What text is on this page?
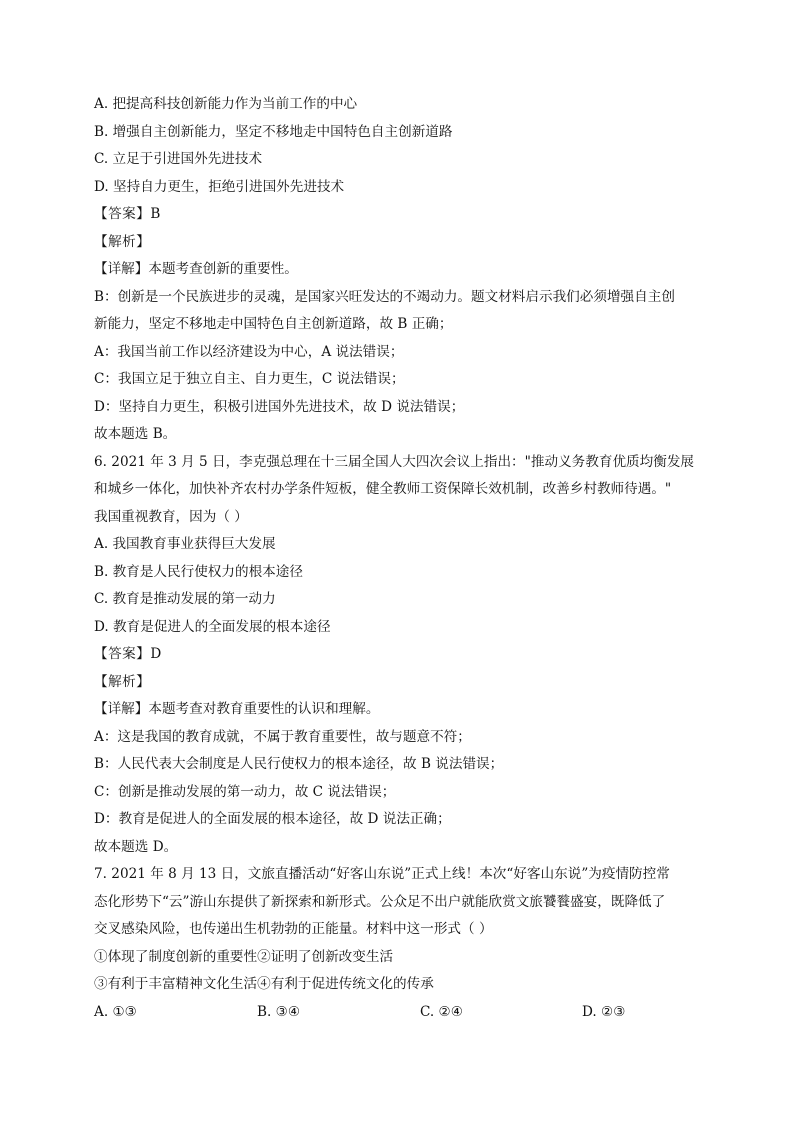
A. 把提高科技创新能力作为当前工作的中心
B. 增强自主创新能力，坚定不移地走中国特色自主创新道路
C. 立足于引进国外先进技术
D. 坚持自力更生，拒绝引进国外先进技术
【答案】B
【解析】
【详解】本题考查创新的重要性。
B：创新是一个民族进步的灵魂，是国家兴旺发达的不竭动力。题文材料启示我们必须增强自主创
新能力，坚定不移地走中国特色自主创新道路，故 B 正确；
A：我国当前工作以经济建设为中心，A 说法错误；
C：我国立足于独立自主、自力更生，C 说法错误；
D：坚持自力更生，积极引进国外先进技术，故 D 说法错误；
故本题选 B。
6. 2021 年 3 月 5 日，李克强总理在十三届全国人大四次会议上指出："推动义务教育优质均衡发展
和城乡一体化，加快补齐农村办学条件短板，健全教师工资保障长效机制，改善乡村教师待遇。"
我国重视教育，因为（ ）
A. 我国教育事业获得巨大发展
B. 教育是人民行使权力的根本途径
C. 教育是推动发展的第一动力
D. 教育是促进人的全面发展的根本途径
【答案】D
【解析】
【详解】本题考查对教育重要性的认识和理解。
A：这是我国的教育成就，不属于教育重要性，故与题意不符；
B：人民代表大会制度是人民行使权力的根本途径，故 B 说法错误；
C：创新是推动发展的第一动力，故 C 说法错误；
D：教育是促进人的全面发展的根本途径，故 D 说法正确；
故本题选 D。
7. 2021 年 8 月 13 日，文旅直播活动“好客山东说”正式上线！本次“好客山东说”为疫情防控常
态化形势下“云”游山东提供了新探索和新形式。公众足不出户就能欣赏文旅饕餮盛宴，既降低了
交叉感染风险，也传递出生机勃勃的正能量。材料中这一形式（ ）
①体现了制度创新的重要性②证明了创新改变生活
③有利于丰富精神文化生活④有利于促进传统文化的传承
A. ①③	B. ③④	C. ②④	D. ②③
